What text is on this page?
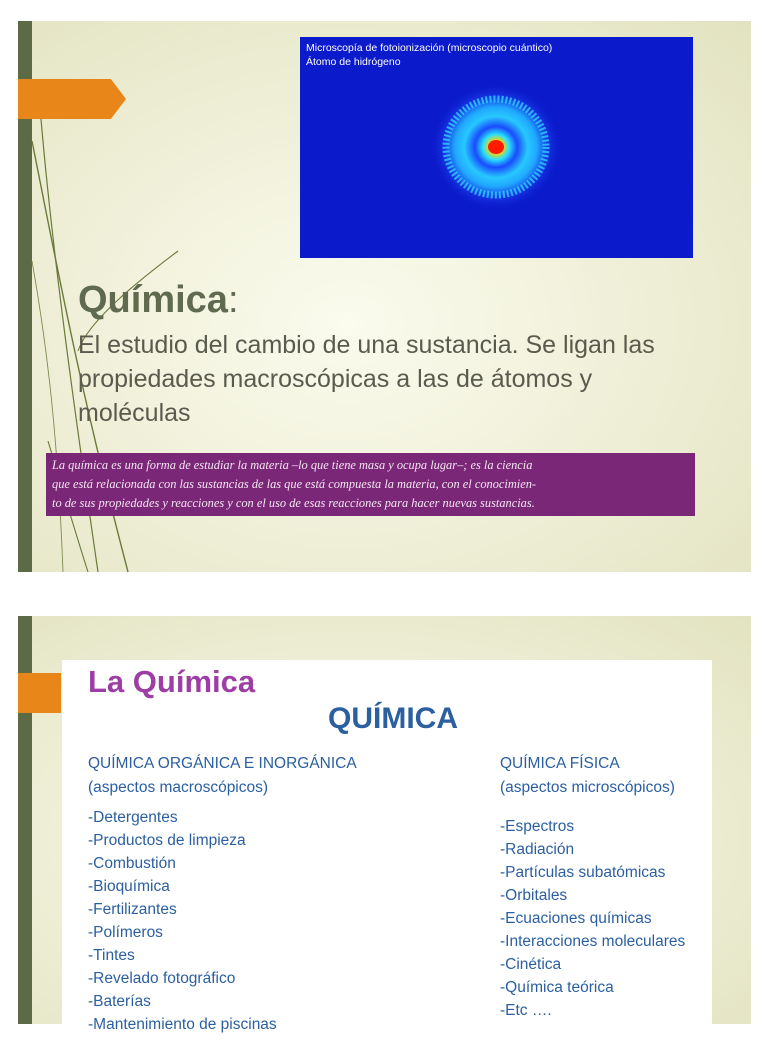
Microscopía de fotoionización (microscopio cuántico)
Átomo de hidrógeno
Química:
El estudio del cambio de una sustancia. Se ligan las propiedades macroscópicas a las de átomos y moléculas
La química es una forma de estudiar la materia –lo que tiene masa y ocupa lugar–; es la ciencia
que está relacionada con las sustancias de las que está compuesta la materia, con el conocimien-
to de sus propiedades y reacciones y con el uso de esas reacciones para hacer nuevas sustancias.
La Química
QUÍMICA
QUÍMICA ORGÁNICA E INORGÁNICA
(aspectos macroscópicos)
-Detergentes
-Productos de limpieza
-Combustión
-Bioquímica
-Fertilizantes
-Polímeros
-Tintes
-Revelado fotográfico
-Baterías
-Mantenimiento de piscinas
QUÍMICA FÍSICA
(aspectos microscópicos)
-Espectros
-Radiación
-Partículas subatómicas
-Orbitales
-Ecuaciones químicas
-Interacciones moleculares
-Cinética
-Química teórica
-Etc ….
